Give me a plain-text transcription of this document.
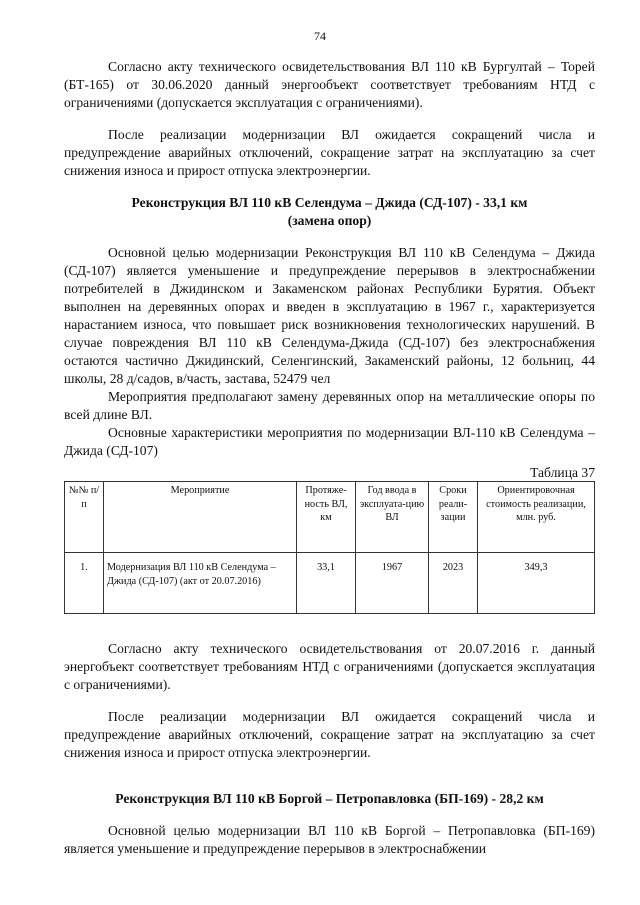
74

Согласно акту технического освидетельствования ВЛ 110 кВ Бургултай – Торей (БТ-165) от 30.06.2020 данный энергообъект соответствует требованиям НТД с ограничениями (допускается эксплуатация с ограничениями).

После реализации модернизации ВЛ ожидается сокращений числа и предупреждение аварийных отключений, сокращение затрат на эксплуатацию за счет снижения износа и прирост отпуска электроэнергии.

Реконструкция ВЛ 110 кВ Селендума – Джида (СД-107) - 33,1 км
(замена опор)

Основной целью модернизации Реконструкция ВЛ 110 кВ Селендума – Джида (СД-107) является уменьшение и предупреждение перерывов в электроснабжении потребителей в Джидинском и Закаменском районах Республики Бурятия. Объект выполнен на деревянных опорах и введен в эксплуатацию в 1967 г., характеризуется нарастанием износа, что повышает риск возникновения технологических нарушений. В случае повреждения ВЛ 110 кВ Селендума-Джида (СД-107) без электроснабжения остаются частично Джидинский, Селенгинский, Закаменский районы, 12 больниц, 44 школы, 28 д/садов, в/часть, застава, 52479 чел

Мероприятия предполагают замену деревянных опор на металлические опоры по всей длине ВЛ.

Основные характеристики мероприятия по модернизации ВЛ-110 кВ Селендума – Джида (СД-107)

Таблица 37
№№ п/п	Мероприятие	Протяже-ность ВЛ, км	Год ввода в эксплуата-цию ВЛ	Сроки реали-зации	Ориентировочная стоимость реализации, млн. руб.
1.	Модернизация ВЛ 110 кВ Селендума – Джида (СД-107) (акт от 20.07.2016)	33,1	1967	2023	349,3

Согласно акту технического освидетельствования от 20.07.2016 г. данный энергобъект соответствует требованиям НТД с ограничениями (допускается эксплуатация с ограничениями).

После реализации модернизации ВЛ ожидается сокращений числа и предупреждение аварийных отключений, сокращение затрат на эксплуатацию за счет снижения износа и прирост отпуска электроэнергии.

Реконструкция ВЛ 110 кВ Боргой – Петропавловка (БП-169) - 28,2 км

Основной целью модернизации ВЛ 110 кВ Боргой – Петропавловка (БП-169) является уменьшение и предупреждение перерывов в электроснабжении
